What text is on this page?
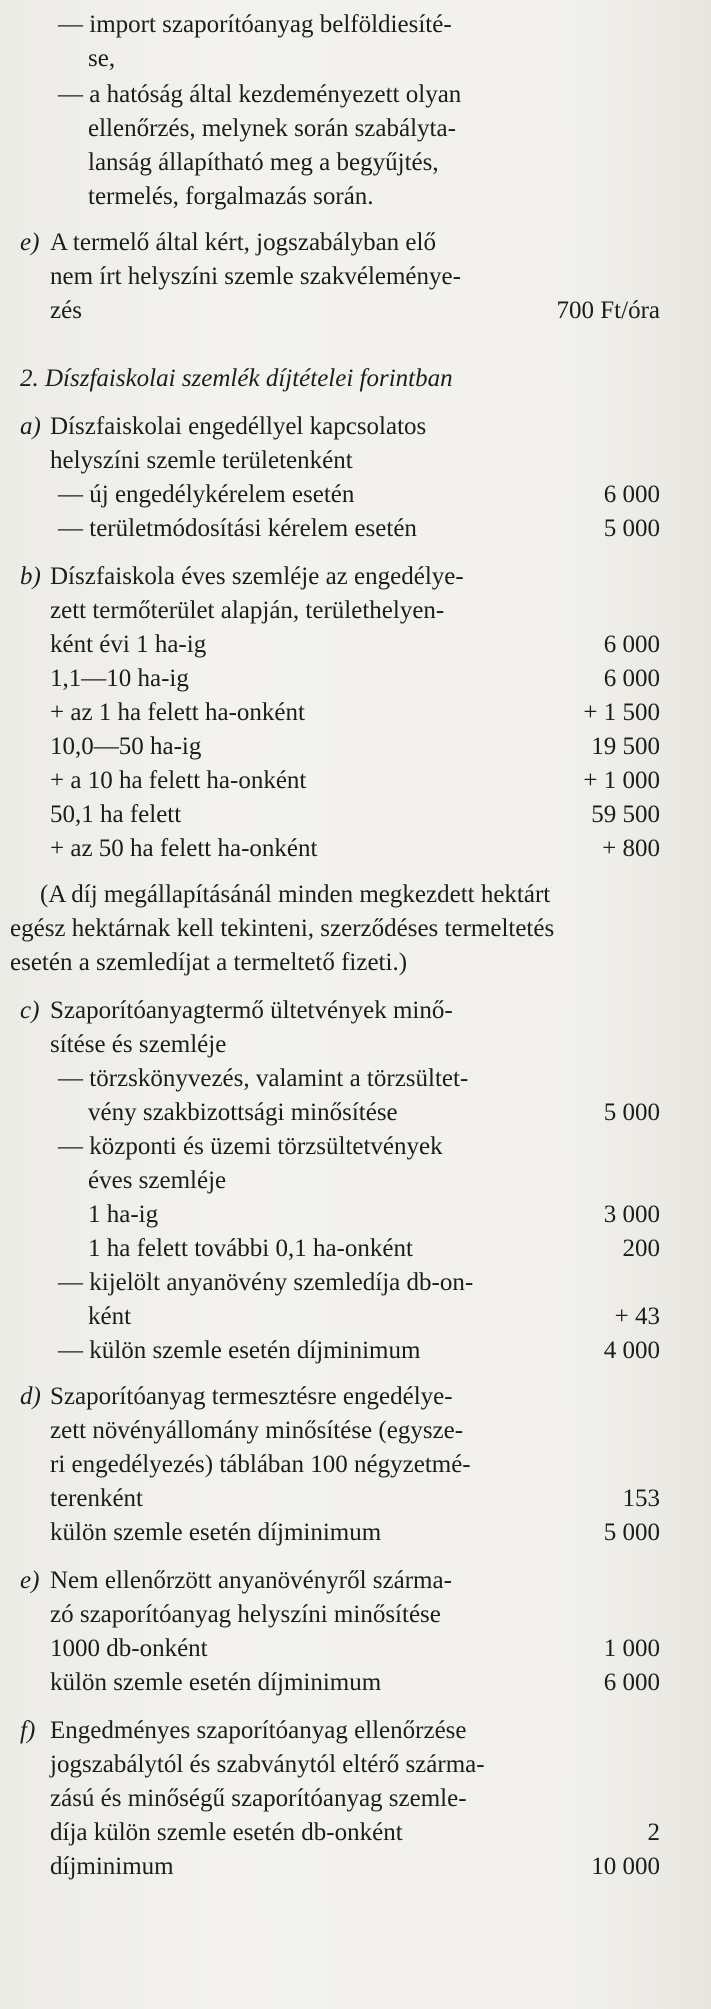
— import szaporítóanyag belföldiesíté-
se,
— a hatóság által kezdeményezett olyan
ellenőrzés, melynek során szabályta-
lanság állapítható meg a begyűjtés,
termelés, forgalmazás során.
e) A termelő által kért, jogszabályban elő
nem írt helyszíni szemle szakvéleménye-
zés	700 Ft/óra
2. Díszfaiskolai szemlék díjtételei forintban
a) Díszfaiskolai engedéllyel kapcsolatos
helyszíni szemle területenként
— új engedélykérelem esetén	6 000
— területmódosítási kérelem esetén	5 000
b) Díszfaiskola éves szemléje az engedélye-
zett termőterület alapján, területhelyen-
ként évi 1 ha-ig	6 000
1,1—10 ha-ig	6 000
+ az 1 ha felett ha-onként	+ 1 500
10,0—50 ha-ig	19 500
+ a 10 ha felett ha-onként	+ 1 000
50,1 ha felett	59 500
+ az 50 ha felett ha-onként	+ 800
(A díj megállapításánál minden megkezdett hektárt
egész hektárnak kell tekinteni, szerződéses termeltetés
esetén a szemledíjat a termeltető fizeti.)
c) Szaporítóanyagtermő ültetvények minő-
sítése és szemléje
— törzskönyvezés, valamint a törzsültet-
vény szakbizottsági minősítése	5 000
— központi és üzemi törzsültetvények
éves szemléje
1 ha-ig	3 000
1 ha felett további 0,1 ha-onként	200
— kijelölt anyanövény szemledíja db-on-
ként	+ 43
— külön szemle esetén díjminimum	4 000
d) Szaporítóanyag termesztésre engedélye-
zett növényállomány minősítése (egysze-
ri engedélyezés) táblában 100 négyzetmé-
terenként	153
külön szemle esetén díjminimum	5 000
e) Nem ellenőrzött anyanövényről szárma-
zó szaporítóanyag helyszíni minősítése
1000 db-onként	1 000
külön szemle esetén díjminimum	6 000
f) Engedményes szaporítóanyag ellenőrzése
jogszabálytól és szabványtól eltérő szárma-
zású és minőségű szaporítóanyag szemle-
díja külön szemle esetén db-onként	2
díjminimum	10 000
